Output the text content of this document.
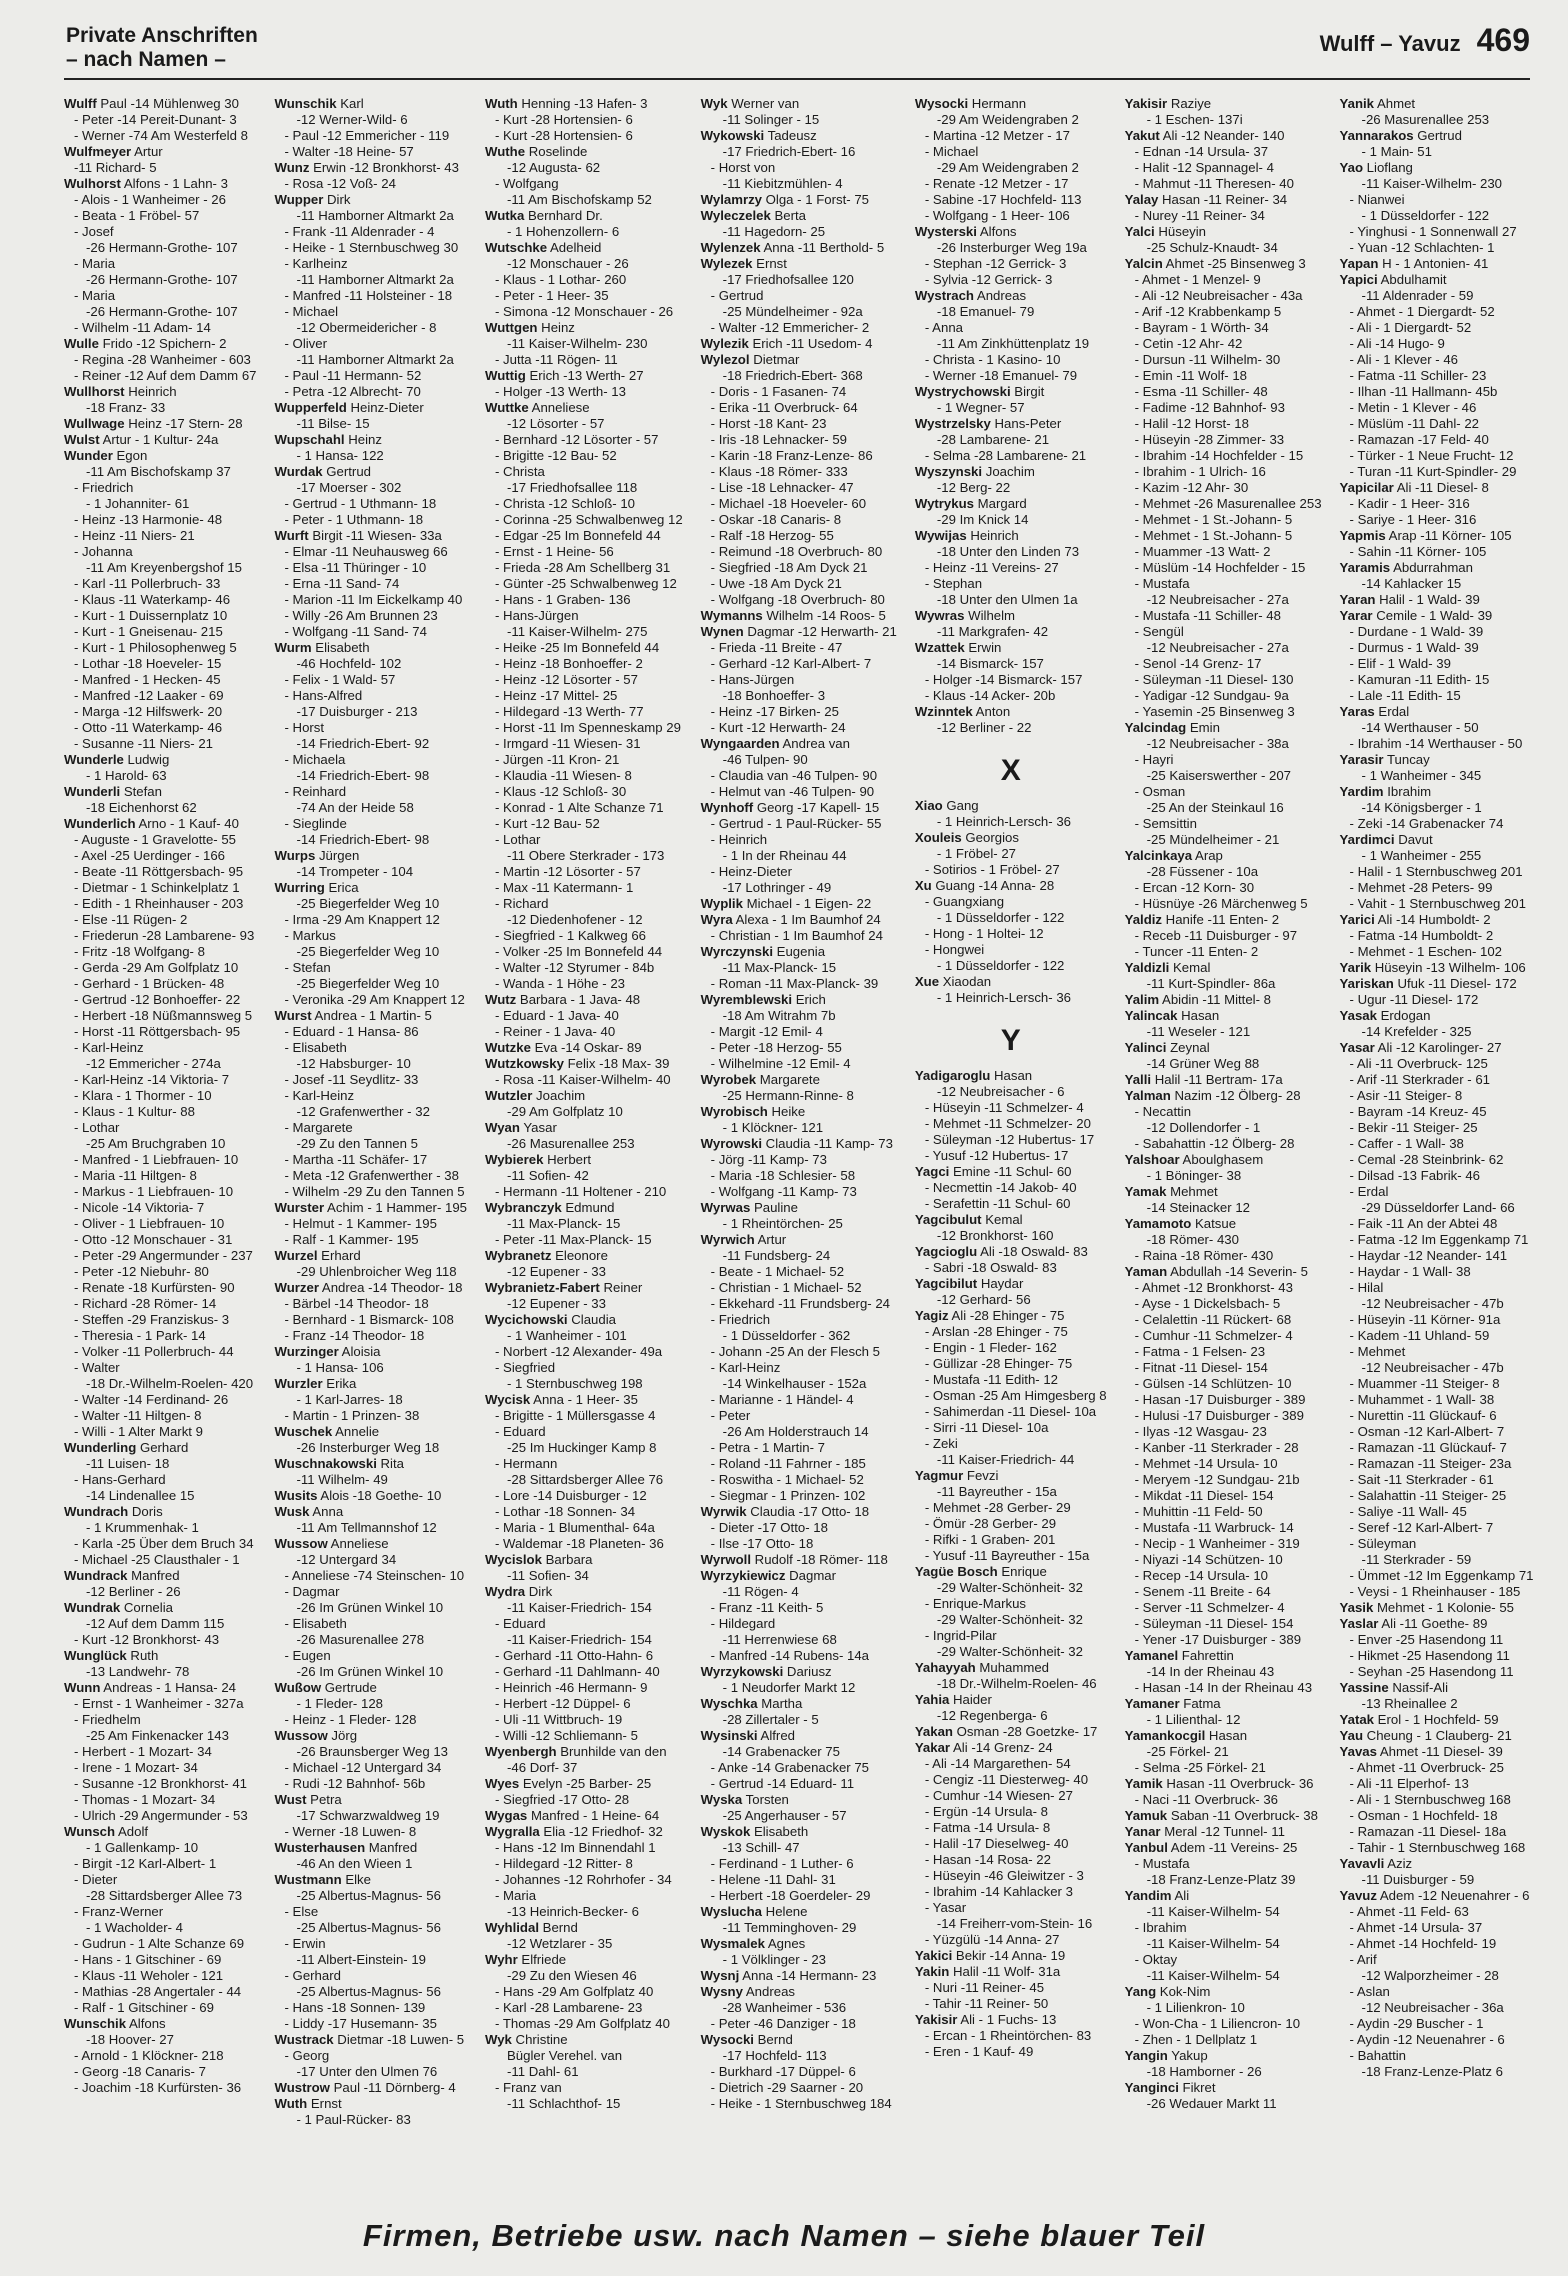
Private Anschriften
– nach Namen –
Wulff – Yavuz 469
Wulff Paul -14 Mühlenweg 30
- Peter -14 Pereit-Dunant- 3
- Werner -74 Am Westerfeld 8
Wulfmeyer Artur
-11 Richard- 5
Wulhorst Alfons - 1 Lahn- 3
- Alois - 1 Wanheimer - 26
- Beata - 1 Fröbel- 57
- Josef
-26 Hermann-Grothe- 107
- Maria
-26 Hermann-Grothe- 107
- Maria
-26 Hermann-Grothe- 107
- Wilhelm -11 Adam- 14
Wulle Frido -12 Spichern- 2
- Regina -28 Wanheimer - 603
- Reiner -12 Auf dem Damm 67
Wullhorst Heinrich
-18 Franz- 33
Wullwage Heinz -17 Stern- 28
Wulst Artur - 1 Kultur- 24a
Wunder Egon
-11 Am Bischofskamp 37
- Friedrich
- 1 Johanniter- 61
- Heinz -13 Harmonie- 48
- Heinz -11 Niers- 21
- Johanna
-11 Am Kreyenbergshof 15
- Karl -11 Pollerbruch- 33
- Klaus -11 Waterkamp- 46
- Kurt - 1 Duissernplatz 10
- Kurt - 1 Gneisenau- 215
- Kurt - 1 Philosophenweg 5
- Lothar -18 Hoeveler- 15
- Manfred - 1 Hecken- 45
- Manfred -12 Laaker - 69
- Marga -12 Hilfswerk- 20
- Otto -11 Waterkamp- 46
- Susanne -11 Niers- 21
Wunderle Ludwig
- 1 Harold- 63
Wunderli Stefan
-18 Eichenhorst 62
Wunderlich Arno - 1 Kauf- 40
- Auguste - 1 Gravelotte- 55
- Axel -25 Uerdinger - 166
- Beate -11 Röttgersbach- 95
- Dietmar - 1 Schinkelplatz 1
- Edith - 1 Rheinhauser - 203
- Else -11 Rügen- 2
- Friederun -28 Lambarene- 93
- Fritz -18 Wolfgang- 8
- Gerda -29 Am Golfplatz 10
- Gerhard - 1 Brücken- 48
- Gertrud -12 Bonhoeffer- 22
- Herbert -18 Nüßmannsweg 5
- Horst -11 Röttgersbach- 95
- Karl-Heinz
-12 Emmericher - 274a
- Karl-Heinz -14 Viktoria- 7
- Klara - 1 Thormer - 10
- Klaus - 1 Kultur- 88
- Lothar
-25 Am Bruchgraben 10
- Manfred - 1 Liebfrauen- 10
- Maria -11 Hiltgen- 8
- Markus - 1 Liebfrauen- 10
- Nicole -14 Viktoria- 7
- Oliver - 1 Liebfrauen- 10
- Otto -12 Monschauer - 31
- Peter -29 Angermunder - 237
- Peter -12 Niebuhr- 80
- Renate -18 Kurfürsten- 90
- Richard -28 Römer- 14
- Steffen -29 Franziskus- 3
- Theresia - 1 Park- 14
- Volker -11 Pollerbruch- 44
- Walter
-18 Dr.-Wilhelm-Roelen- 420
- Walter -14 Ferdinand- 26
- Walter -11 Hiltgen- 8
- Willi - 1 Alter Markt 9
Wunderling Gerhard
-11 Luisen- 18
- Hans-Gerhard
-14 Lindenallee 15
Wundrach Doris
- 1 Krummenhak- 1
- Karla -25 Über dem Bruch 34
- Michael -25 Clausthaler - 1
Wundrack Manfred
-12 Berliner - 26
Wundrak Cornelia
-12 Auf dem Damm 115
- Kurt -12 Bronkhorst- 43
Wunglück Ruth
-13 Landwehr- 78
Wunn Andreas - 1 Hansa- 24
- Ernst - 1 Wanheimer - 327a
- Friedhelm
-25 Am Finkenacker 143
- Herbert - 1 Mozart- 34
- Irene - 1 Mozart- 34
- Susanne -12 Bronkhorst- 41
- Thomas - 1 Mozart- 34
- Ulrich -29 Angermunder - 53
Wunsch Adolf
- 1 Gallenkamp- 10
- Birgit -12 Karl-Albert- 1
- Dieter
-28 Sittardsberger Allee 73
- Franz-Werner
- 1 Wacholder- 4
- Gudrun - 1 Alte Schanze 69
- Hans - 1 Gitschiner - 69
- Klaus -11 Weholer - 121
- Mathias -28 Angertaler - 44
- Ralf - 1 Gitschiner - 69
Wunschik Alfons
-18 Hoover- 27
- Arnold - 1 Klöckner- 218
- Georg -18 Canaris- 7
- Joachim -18 Kurfürsten- 36
Wunschik Karl
-12 Werner-Wild- 6
- Paul -12 Emmericher - 119
- Walter -18 Heine- 57
Wunz Erwin -12 Bronkhorst- 43
- Rosa -12 Voß- 24
Wupper Dirk
-11 Hamborner Altmarkt 2a
- Frank -11 Aldenrader - 4
- Heike - 1 Sternbuschweg 30
- Karlheinz
-11 Hamborner Altmarkt 2a
- Manfred -11 Holsteiner - 18
- Michael
-12 Obermeidericher - 8
- Oliver
-11 Hamborner Altmarkt 2a
- Paul -11 Hermann- 52
- Petra -12 Albrecht- 70
Wupperfeld Heinz-Dieter
-11 Bilse- 15
Wupschahl Heinz
- 1 Hansa- 122
Wurdak Gertrud
-17 Moerser - 302
- Gertrud - 1 Uthmann- 18
- Peter - 1 Uthmann- 18
Wurft Birgit -11 Wiesen- 33a
- Elmar -11 Neuhausweg 66
- Elsa -11 Thüringer - 10
- Erna -11 Sand- 74
- Marion -11 Im Eickelkamp 40
- Willy -26 Am Brunnen 23
- Wolfgang -11 Sand- 74
Wurm Elisabeth
-46 Hochfeld- 102
- Felix - 1 Wald- 57
- Hans-Alfred
-17 Duisburger - 213
- Horst
-14 Friedrich-Ebert- 92
- Michaela
-14 Friedrich-Ebert- 98
- Reinhard
-74 An der Heide 58
- Sieglinde
-14 Friedrich-Ebert- 98
Wurps Jürgen
-14 Trompeter - 104
Wurring Erica
-25 Biegerfelder Weg 10
- Irma -29 Am Knappert 12
- Markus
-25 Biegerfelder Weg 10
- Stefan
-25 Biegerfelder Weg 10
- Veronika -29 Am Knappert 12
Wurst Andrea - 1 Martin- 5
- Eduard - 1 Hansa- 86
- Elisabeth
-12 Habsburger- 10
- Josef -11 Seydlitz- 33
- Karl-Heinz
-12 Grafenwerther - 32
- Margarete
-29 Zu den Tannen 5
- Martha -11 Schäfer- 17
- Meta -12 Grafenwerther - 38
- Wilhelm -29 Zu den Tannen 5
Wurster Achim - 1 Hammer- 195
- Helmut - 1 Kammer- 195
- Ralf - 1 Kammer- 195
Wurzel Erhard
-29 Uhlenbroicher Weg 118
Wurzer Andrea -14 Theodor- 18
- Bärbel -14 Theodor- 18
- Bernhard - 1 Bismarck- 108
- Franz -14 Theodor- 18
Wurzinger Aloisia
- 1 Hansa- 106
Wurzler Erika
- 1 Karl-Jarres- 18
- Martin - 1 Prinzen- 38
Wuschek Annelie
-26 Insterburger Weg 18
Wuschnakowski Rita
-11 Wilhelm- 49
Wusits Alois -18 Goethe- 10
Wusk Anna
-11 Am Tellmannshof 12
Wussow Anneliese
-12 Untergard 34
- Anneliese -74 Steinschen- 10
- Dagmar
-26 Im Grünen Winkel 10
- Elisabeth
-26 Masurenallee 278
- Eugen
-26 Im Grünen Winkel 10
Wußow Gertrude
- 1 Fleder- 128
- Heinz - 1 Fleder- 128
Wussow Jörg
-26 Braunsberger Weg 13
- Michael -12 Untergard 34
- Rudi -12 Bahnhof- 56b
Wust Petra
-17 Schwarzwaldweg 19
- Werner -18 Luwen- 8
Wusterhausen Manfred
-46 An den Wieen 1
Wustmann Elke
-25 Albertus-Magnus- 56
- Else
-25 Albertus-Magnus- 56
- Erwin
-11 Albert-Einstein- 19
- Gerhard
-25 Albertus-Magnus- 56
- Hans -18 Sonnen- 139
- Liddy -17 Husemann- 35
Wustrack Dietmar -18 Luwen- 5
- Georg
-17 Unter den Ulmen 76
Wustrow Paul -11 Dörnberg- 4
Wuth Ernst
- 1 Paul-Rücker- 83
Wuth Henning -13 Hafen- 3
- Kurt -28 Hortensien- 6
- Kurt -28 Hortensien- 6
Wuthe Roselinde
-12 Augusta- 62
- Wolfgang
-11 Am Bischofskamp 52
Wutka Bernhard Dr.
- 1 Hohenzollern- 6
Wutschke Adelheid
-12 Monschauer - 26
- Klaus - 1 Lothar- 260
- Peter - 1 Heer- 35
- Simona -12 Monschauer - 26
Wuttgen Heinz
-11 Kaiser-Wilhelm- 230
- Jutta -11 Rögen- 11
Wuttig Erich -13 Werth- 27
- Holger -13 Werth- 13
Wuttke Anneliese
-12 Lösorter - 57
- Bernhard -12 Lösorter - 57
- Brigitte -12 Bau- 52
- Christa
-17 Friedhofsallee 118
- Christa -12 Schloß- 10
- Corinna -25 Schwalbenweg 12
- Edgar -25 Im Bonnefeld 44
- Ernst - 1 Heine- 56
- Frieda -28 Am Schellberg 31
- Günter -25 Schwalbenweg 12
- Hans - 1 Graben- 136
- Hans-Jürgen
-11 Kaiser-Wilhelm- 275
- Heike -25 Im Bonnefeld 44
- Heinz -18 Bonhoeffer- 2
- Heinz -12 Lösorter - 57
- Heinz -17 Mittel- 25
- Hildegard -13 Werth- 77
- Horst -11 Im Spenneskamp 29
- Irmgard -11 Wiesen- 31
- Jürgen -11 Kron- 21
- Klaudia -11 Wiesen- 8
- Klaus -12 Schloß- 30
- Konrad - 1 Alte Schanze 71
- Kurt -12 Bau- 52
- Lothar
-11 Obere Sterkrader - 173
- Martin -12 Lösorter - 57
- Max -11 Katermann- 1
- Richard
-12 Diedenhofener - 12
- Siegfried - 1 Kalkweg 66
- Volker -25 Im Bonnefeld 44
- Walter -12 Styrumer - 84b
- Wanda - 1 Höhe - 23
Wutz Barbara - 1 Java- 48
- Eduard - 1 Java- 40
- Reiner - 1 Java- 40
Wutzke Eva -14 Oskar- 89
Wutzkowsky Felix -18 Max- 39
- Rosa -11 Kaiser-Wilhelm- 40
Wutzler Joachim
-29 Am Golfplatz 10
Wyan Yasar
-26 Masurenallee 253
Wybierek Herbert
-11 Sofien- 42
- Hermann -11 Holtener - 210
Wybranczyk Edmund
-11 Max-Planck- 15
- Peter -11 Max-Planck- 15
Wybranetz Eleonore
-12 Eupener - 33
Wybranietz-Fabert Reiner
-12 Eupener - 33
Wycichowski Claudia
- 1 Wanheimer - 101
- Norbert -12 Alexander- 49a
- Siegfried
- 1 Sternbuschweg 198
Wycisk Anna - 1 Heer- 35
- Brigitte - 1 Müllersgasse 4
- Eduard
-25 Im Huckinger Kamp 8
- Hermann
-28 Sittardsberger Allee 76
- Lore -14 Duisburger - 12
- Lothar -18 Sonnen- 34
- Maria - 1 Blumenthal- 64a
- Waldemar -18 Planeten- 36
Wycislok Barbara
-11 Sofien- 34
Wydra Dirk
-11 Kaiser-Friedrich- 154
- Eduard
-11 Kaiser-Friedrich- 154
- Gerhard -11 Otto-Hahn- 6
- Gerhard -11 Dahlmann- 40
- Heinrich -46 Hermann- 9
- Herbert -12 Düppel- 6
- Uli -11 Wittbruch- 19
- Willi -12 Schliemann- 5
Wyenbergh Brunhilde van den
-46 Dorf- 37
Wyes Evelyn -25 Barber- 25
- Siegfried -17 Otto- 28
Wygas Manfred - 1 Heine- 64
Wygralla Elia -12 Friedhof- 32
- Hans -12 Im Binnendahl 1
- Hildegard -12 Ritter- 8
- Johannes -12 Rohrhofer - 34
- Maria
-13 Heinrich-Becker- 6
Wyhlidal Bernd
-12 Wetzlarer - 35
Wyhr Elfriede
-29 Zu den Wiesen 46
- Hans -29 Am Golfplatz 40
- Karl -28 Lambarene- 23
- Thomas -29 Am Golfplatz 40
Wyk Christine
Bügler Verehel. van
-11 Dahl- 61
- Franz van
-11 Schlachthof- 15
Wyk Werner van
-11 Solinger - 15
Wykowski Tadeusz
-17 Friedrich-Ebert- 16
- Horst von
-11 Kiebitzmühlen- 4
Wylamrzy Olga - 1 Forst- 75
Wyleczelek Berta
-11 Hagedorn- 25
Wylenzek Anna -11 Berthold- 5
Wylezek Ernst
-17 Friedhofsallee 120
- Gertrud
-25 Mündelheimer - 92a
- Walter -12 Emmericher- 2
Wylezik Erich -11 Usedom- 4
Wylezol Dietmar
-18 Friedrich-Ebert- 368
- Doris - 1 Fasanen- 74
- Erika -11 Overbruck- 64
- Horst -18 Kant- 23
- Iris -18 Lehnacker- 59
- Karin -18 Franz-Lenze- 86
- Klaus -18 Römer- 333
- Lise -18 Lehnacker- 47
- Michael -18 Hoeveler- 60
- Oskar -18 Canaris- 8
- Ralf -18 Herzog- 55
- Reimund -18 Overbruch- 80
- Siegfried -18 Am Dyck 21
- Uwe -18 Am Dyck 21
- Wolfgang -18 Overbruch- 80
Wymanns Wilhelm -14 Roos- 5
Wynen Dagmar -12 Herwarth- 21
- Frieda -11 Breite - 47
- Gerhard -12 Karl-Albert- 7
- Hans-Jürgen
-18 Bonhoeffer- 3
- Heinz -17 Birken- 25
- Kurt -12 Herwarth- 24
Wyngaarden Andrea van
-46 Tulpen- 90
- Claudia van -46 Tulpen- 90
- Helmut van -46 Tulpen- 90
Wynhoff Georg -17 Kapell- 15
- Gertrud - 1 Paul-Rücker- 55
- Heinrich
- 1 In der Rheinau 44
- Heinz-Dieter
-17 Lothringer - 49
Wyplik Michael - 1 Eigen- 22
Wyra Alexa - 1 Im Baumhof 24
- Christian - 1 Im Baumhof 24
Wyrczynski Eugenia
-11 Max-Planck- 15
- Roman -11 Max-Planck- 39
Wyremblewski Erich
-18 Am Witrahm 7b
- Margit -12 Emil- 4
- Peter -18 Herzog- 55
- Wilhelmine -12 Emil- 4
Wyrobek Margarete
-25 Hermann-Rinne- 8
Wyrobisch Heike
- 1 Klöckner- 121
Wyrowski Claudia -11 Kamp- 73
- Jörg -11 Kamp- 73
- Maria -18 Schlesier- 58
- Wolfgang -11 Kamp- 73
Wyrwas Pauline
- 1 Rheintörchen- 25
Wyrwich Artur
-11 Fundsberg- 24
- Beate - 1 Michael- 52
- Christian - 1 Michael- 52
- Ekkehard -11 Frundsberg- 24
- Friedrich
- 1 Düsseldorfer - 362
- Johann -25 An der Flesch 5
- Karl-Heinz
-14 Winkelhauser - 152a
- Marianne - 1 Händel- 4
- Peter
-26 Am Holderstrauch 14
- Petra - 1 Martin- 7
- Roland -11 Fahrner - 185
- Roswitha - 1 Michael- 52
- Siegmar - 1 Prinzen- 102
Wyrwik Claudia -17 Otto- 18
- Dieter -17 Otto- 18
- Ilse -17 Otto- 18
Wyrwoll Rudolf -18 Römer- 118
Wyrzykiewicz Dagmar
-11 Rögen- 4
- Franz -11 Keith- 5
- Hildegard
-11 Herrenwiese 68
- Manfred -14 Rubens- 14a
Wyrzykowski Dariusz
- 1 Neudorfer Markt 12
Wyschka Martha
-28 Zillertaler - 5
Wysinski Alfred
-14 Grabenacker 75
- Anke -14 Grabenacker 75
- Gertrud -14 Eduard- 11
Wyska Torsten
-25 Angerhauser - 57
Wyskok Elisabeth
-13 Schill- 47
- Ferdinand - 1 Luther- 6
- Helene -11 Dahl- 31
- Herbert -18 Goerdeler- 29
Wyslucha Helene
-11 Temminghoven- 29
Wysmalek Agnes
- 1 Völklinger - 23
Wysnj Anna -14 Hermann- 23
Wysny Andreas
-28 Wanheimer - 536
- Peter -46 Danziger - 18
Wysocki Bernd
-17 Hochfeld- 113
- Burkhard -17 Düppel- 6
- Dietrich -29 Saarner - 20
- Heike - 1 Sternbuschweg 184
Wysocki Hermann
-29 Am Weidengraben 2
- Martina -12 Metzer - 17
- Michael
-29 Am Weidengraben 2
- Renate -12 Metzer - 17
- Sabine -17 Hochfeld- 113
- Wolfgang - 1 Heer- 106
Wysterski Alfons
-26 Insterburger Weg 19a
- Stephan -12 Gerrick- 3
- Sylvia -12 Gerrick- 3
Wystrach Andreas
-18 Emanuel- 79
- Anna
-11 Am Zinkhüttenplatz 19
- Christa - 1 Kasino- 10
- Werner -18 Emanuel- 79
Wystrychowski Birgit
- 1 Wegner- 57
Wystrzelsky Hans-Peter
-28 Lambarene- 21
- Selma -28 Lambarene- 21
Wyszynski Joachim
-12 Berg- 22
Wytrykus Margard
-29 Im Knick 14
Wywijas Heinrich
-18 Unter den Linden 73
- Heinz -11 Vereins- 27
- Stephan
-18 Unter den Ulmen 1a
Wywras Wilhelm
-11 Markgrafen- 42
Wzattek Erwin
-14 Bismarck- 157
- Holger -14 Bismarck- 157
- Klaus -14 Acker- 20b
Wzinntek Anton
-12 Berliner - 22
X
Xiao Gang
- 1 Heinrich-Lersch- 36
Xouleis Georgios
- 1 Fröbel- 27
- Sotirios - 1 Fröbel- 27
Xu Guang -14 Anna- 28
- Guangxiang
- 1 Düsseldorfer - 122
- Hong - 1 Holtei- 12
- Hongwei
- 1 Düsseldorfer - 122
Xue Xiaodan
- 1 Heinrich-Lersch- 36
Y
Yadigaroglu Hasan
-12 Neubreisacher - 6
- Hüseyin -11 Schmelzer- 4
- Mehmet -11 Schmelzer- 20
- Süleyman -12 Hubertus- 17
- Yusuf -12 Hubertus- 17
Yagci Emine -11 Schul- 60
- Necmettin -14 Jakob- 40
- Serafettin -11 Schul- 60
Yagcibulut Kemal
-12 Bronkhorst- 160
Yagcioglu Ali -18 Oswald- 83
- Sabri -18 Oswald- 83
Yagcibilut Haydar
-12 Gerhard- 56
Yagiz Ali -28 Ehinger - 75
- Arslan -28 Ehinger - 75
- Engin - 1 Fleder- 162
- Güllizar -28 Ehinger- 75
- Mustafa -11 Edith- 12
- Osman -25 Am Himgesberg 8
- Sahimerdan -11 Diesel- 10a
- Sirri -11 Diesel- 10a
- Zeki
-11 Kaiser-Friedrich- 44
Yagmur Fevzi
-11 Bayreuther - 15a
- Mehmet -28 Gerber- 29
- Ömür -28 Gerber- 29
- Rifki - 1 Graben- 201
- Yusuf -11 Bayreuther - 15a
Yagüe Bosch Enrique
-29 Walter-Schönheit- 32
- Enrique-Markus
-29 Walter-Schönheit- 32
- Ingrid-Pilar
-29 Walter-Schönheit- 32
Yahayyah Muhammed
-18 Dr.-Wilhelm-Roelen- 46
Yahia Haider
-12 Regenberga- 6
Yakan Osman -28 Goetzke- 17
Yakar Ali -14 Grenz- 24
- Ali -14 Margarethen- 54
- Cengiz -11 Diesterweg- 40
- Cumhur -14 Wiesen- 27
- Ergün -14 Ursula- 8
- Fatma -14 Ursula- 8
- Halil -17 Dieselweg- 40
- Hasan -14 Rosa- 22
- Hüseyin -46 Gleiwitzer - 3
- Ibrahim -14 Kahlacker 3
- Yasar
-14 Freiherr-vom-Stein- 16
- Yüzgülü -14 Anna- 27
Yakici Bekir -14 Anna- 19
Yakin Halil -11 Wolf- 31a
- Nuri -11 Reiner- 45
- Tahir -11 Reiner- 50
Yakisir Ali - 1 Fuchs- 13
- Ercan - 1 Rheintörchen- 83
- Eren - 1 Kauf- 49
Yakisir Raziye
- 1 Eschen- 137i
Yakut Ali -12 Neander- 140
- Ednan -14 Ursula- 37
- Halit -12 Spannagel- 4
- Mahmut -11 Theresen- 40
Yalay Hasan -11 Reiner- 34
- Nurey -11 Reiner- 34
Yalci Hüseyin
-25 Schulz-Knaudt- 34
Yalcin Ahmet -25 Binsenweg 3
- Ahmet - 1 Menzel- 9
- Ali -12 Neubreisacher - 43a
- Arif -12 Krabbenkamp 5
- Bayram - 1 Wörth- 34
- Cetin -12 Ahr- 42
- Dursun -11 Wilhelm- 30
- Emin -11 Wolf- 18
- Esma -11 Schiller- 48
- Fadime -12 Bahnhof- 93
- Halil -12 Horst- 18
- Hüseyin -28 Zimmer- 33
- Ibrahim -14 Hochfelder - 15
- Ibrahim - 1 Ulrich- 16
- Kazim -12 Ahr- 30
- Mehmet -26 Masurenallee 253
- Mehmet - 1 St.-Johann- 5
- Mehmet - 1 St.-Johann- 5
- Muammer -13 Watt- 2
- Müslüm -14 Hochfelder - 15
- Mustafa
-12 Neubreisacher - 27a
- Mustafa -11 Schiller- 48
- Sengül
-12 Neubreisacher - 27a
- Senol -14 Grenz- 17
- Süleyman -11 Diesel- 130
- Yadigar -12 Sundgau- 9a
- Yasemin -25 Binsenweg 3
Yalcindag Emin
-12 Neubreisacher - 38a
- Hayri
-25 Kaiserswerther - 207
- Osman
-25 An der Steinkaul 16
- Semsittin
-25 Mündelheimer - 21
Yalcinkaya Arap
-28 Füssener - 10a
- Ercan -12 Korn- 30
- Hüsnüye -26 Märchenweg 5
Yaldiz Hanife -11 Enten- 2
- Receb -11 Duisburger - 97
- Tuncer -11 Enten- 2
Yaldizli Kemal
-11 Kurt-Spindler- 86a
Yalim Abidin -11 Mittel- 8
Yalincak Hasan
-11 Weseler - 121
Yalinci Zeynal
-14 Grüner Weg 88
Yalli Halil -11 Bertram- 17a
Yalman Nazim -12 Ölberg- 28
- Necattin
-12 Dollendorfer - 1
- Sabahattin -12 Ölberg- 28
Yalshoar Aboulghasem
- 1 Böninger- 38
Yamak Mehmet
-14 Steinacker 12
Yamamoto Katsue
-18 Römer- 430
- Raina -18 Römer- 430
Yaman Abdullah -14 Severin- 5
- Ahmet -12 Bronkhorst- 43
- Ayse - 1 Dickelsbach- 5
- Celalettin -11 Rückert- 68
- Cumhur -11 Schmelzer- 4
- Fatma - 1 Felsen- 23
- Fitnat -11 Diesel- 154
- Gülsen -14 Schlützen- 10
- Hasan -17 Duisburger - 389
- Hulusi -17 Duisburger - 389
- Ilyas -12 Wasgau- 23
- Kanber -11 Sterkrader - 28
- Mehmet -14 Ursula- 10
- Meryem -12 Sundgau- 21b
- Mikdat -11 Diesel- 154
- Muhittin -11 Feld- 50
- Mustafa -11 Warbruck- 14
- Necip - 1 Wanheimer - 319
- Niyazi -14 Schützen- 10
- Recep -14 Ursula- 10
- Senem -11 Breite - 64
- Server -11 Schmelzer- 4
- Süleyman -11 Diesel- 154
- Yener -17 Duisburger - 389
Yamanel Fahrettin
-14 In der Rheinau 43
- Hasan -14 In der Rheinau 43
Yamaner Fatma
- 1 Lilienthal- 12
Yamankocgil Hasan
-25 Förkel- 21
- Selma -25 Förkel- 21
Yamik Hasan -11 Overbruck- 36
- Naci -11 Overbruck- 36
Yamuk Saban -11 Overbruck- 38
Yanar Meral -12 Tunnel- 11
Yanbul Adem -11 Vereins- 25
- Mustafa
-18 Franz-Lenze-Platz 39
Yandim Ali
-11 Kaiser-Wilhelm- 54
- Ibrahim
-11 Kaiser-Wilhelm- 54
- Oktay
-11 Kaiser-Wilhelm- 54
Yang Kok-Nim
- 1 Lilienkron- 10
- Won-Cha - 1 Liliencron- 10
- Zhen - 1 Dellplatz 1
Yangin Yakup
-18 Hamborner - 26
Yanginci Fikret
-26 Wedauer Markt 11
Yanik Ahmet
-26 Masurenallee 253
Yannarakos Gertrud
- 1 Main- 51
Yao Lioflang
-11 Kaiser-Wilhelm- 230
- Nianwei
- 1 Düsseldorfer - 122
- Yinghusi - 1 Sonnenwall 27
- Yuan -12 Schlachten- 1
Yapan H - 1 Antonien- 41
Yapici Abdulhamit
-11 Aldenrader - 59
- Ahmet - 1 Diergardt- 52
- Ali - 1 Diergardt- 52
- Ali -14 Hugo- 9
- Ali - 1 Klever - 46
- Fatma -11 Schiller- 23
- Ilhan -11 Hallmann- 45b
- Metin - 1 Klever - 46
- Müslüm -11 Dahl- 22
- Ramazan -17 Feld- 40
- Türker - 1 Neue Frucht- 12
- Turan -11 Kurt-Spindler- 29
Yapicilar Ali -11 Diesel- 8
- Kadir - 1 Heer- 316
- Sariye - 1 Heer- 316
Yapmis Arap -11 Körner- 105
- Sahin -11 Körner- 105
Yaramis Abdurrahman
-14 Kahlacker 15
Yaran Halil - 1 Wald- 39
Yarar Cemile - 1 Wald- 39
- Durdane - 1 Wald- 39
- Durmus - 1 Wald- 39
- Elif - 1 Wald- 39
- Kamuran -11 Edith- 15
- Lale -11 Edith- 15
Yaras Erdal
-14 Werthauser - 50
- Ibrahim -14 Werthauser - 50
Yarasir Tuncay
- 1 Wanheimer - 345
Yardim Ibrahim
-14 Königsberger - 1
- Zeki -14 Grabenacker 74
Yardimci Davut
- 1 Wanheimer - 255
- Halil - 1 Sternbuschweg 201
- Mehmet -28 Peters- 99
- Vahit - 1 Sternbuschweg 201
Yarici Ali -14 Humboldt- 2
- Fatma -14 Humboldt- 2
- Mehmet - 1 Eschen- 102
Yarik Hüseyin -13 Wilhelm- 106
Yariskan Ufuk -11 Diesel- 172
- Ugur -11 Diesel- 172
Yasak Erdogan
-14 Krefelder - 325
Yasar Ali -12 Karolinger- 27
- Ali -11 Overbruck- 125
- Arif -11 Sterkrader - 61
- Asir -11 Steiger- 8
- Bayram -14 Kreuz- 45
- Bekir -11 Steiger- 25
- Caffer - 1 Wall- 38
- Cemal -28 Steinbrink- 62
- Dilsad -13 Fabrik- 46
- Erdal
-29 Düsseldorfer Land- 66
- Faik -11 An der Abtei 48
- Fatma -12 Im Eggenkamp 71
- Haydar -12 Neander- 141
- Haydar - 1 Wall- 38
- Hilal
-12 Neubreisacher - 47b
- Hüseyin -11 Körner- 91a
- Kadem -11 Uhland- 59
- Mehmet
-12 Neubreisacher - 47b
- Muammer -11 Steiger- 8
- Muhammet - 1 Wall- 38
- Nurettin -11 Glückauf- 6
- Osman -12 Karl-Albert- 7
- Ramazan -11 Glückauf- 7
- Ramazan -11 Steiger- 23a
- Sait -11 Sterkrader - 61
- Salahattin -11 Steiger- 25
- Saliye -11 Wall- 45
- Seref -12 Karl-Albert- 7
- Süleyman
-11 Sterkrader - 59
- Ümmet -12 Im Eggenkamp 71
- Veysi - 1 Rheinhauser - 185
Yasik Mehmet - 1 Kolonie- 55
Yaslar Ali -11 Goethe- 89
- Enver -25 Hasendong 11
- Hikmet -25 Hasendong 11
- Seyhan -25 Hasendong 11
Yassine Nassif-Ali
-13 Rheinallee 2
Yatak Erol - 1 Hochfeld- 59
Yau Cheung - 1 Clauberg- 21
Yavas Ahmet -11 Diesel- 39
- Ahmet -11 Overbruck- 25
- Ali -11 Elperhof- 13
- Ali - 1 Sternbuschweg 168
- Osman - 1 Hochfeld- 18
- Ramazan -11 Diesel- 18a
- Tahir - 1 Sternbuschweg 168
Yavavli Aziz
-11 Duisburger - 59
Yavuz Adem -12 Neuenahrer - 6
- Ahmet -11 Feld- 63
- Ahmet -14 Ursula- 37
- Ahmet -14 Hochfeld- 19
- Arif
-12 Walporzheimer - 28
- Aslan
-12 Neubreisacher - 36a
- Aydin -29 Buscher - 1
- Aydin -12 Neuenahrer - 6
- Bahattin
-18 Franz-Lenze-Platz 6
Firmen, Betriebe usw. nach Namen – siehe blauer Teil
